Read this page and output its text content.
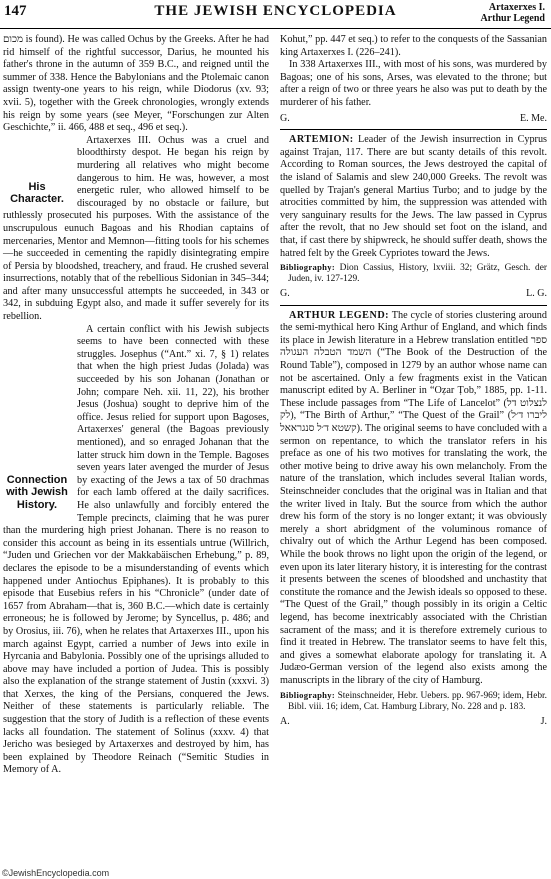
147	THE JEWISH ENCYCLOPEDIA	Artaxerxes I.
Arthur Legend

מכום is found). He was called Ochus by the Greeks. After he had rid himself of the rightful successor, Darius, he mounted his father's throne in the autumn of 359 B.C., and reigned until the summer of 338. Hence the Babylonians and the Ptolemaic canon assign twenty-one years to his reign, while Diodorus (xv. 93; xvii. 5), together with the Greek chronologies, wrongly extends his reign by some years (see Meyer, “Forschungen zur Alten Geschichte,” ii. 466, 488 et seq., 496 et seq.).

His Character.

Artaxerxes III. Ochus was a cruel and bloodthirsty despot. He began his reign by murdering all relatives who might become dangerous to him. He was, however, a most energetic ruler, who allowed himself to be discouraged by no obstacle or failure, but ruthlessly prosecuted his purposes. With the assistance of the unscrupulous eunuch Bagoas and his Rhodian captains of mercenaries, Mentor and Memnon—fitting tools for his schemes—he succeeded in cementing the rapidly disintegrating empire of Persia by bloodshed, treachery, and fraud. He crushed several insurrections, notably that of the rebellious Sidonian in 345–344; and after many unsuccessful attempts he succeeded, in 343 or 342, in subduing Egypt also, and made it suffer severely for its rebellion.

Connection with Jewish History.

A certain conflict with his Jewish subjects seems to have been connected with these struggles. Josephus (“Ant.” xi. 7, § 1) relates that when the high priest Judas (Jolada) was succeeded by his son Johanan (Jonathan or John; compare Neh. xii. 11, 22), his brother Jesus (Joshua) sought to deprive him of the office. Jesus relied for support upon Bagoses, Artaxerxes' general (the Bagoas previously mentioned), and so enraged Johanan that the latter struck him down in the Temple. Bagoses seven years later avenged the murder of Jesus by exacting of the Jews a tax of 50 drachmas for each lamb offered at the daily sacrifices. He also unlawfully and forcibly entered the Temple precincts, claiming that he was purer than the murdering high priest Johanan. There is no reason to consider this account as being in its essentials untrue (Willrich, “Juden und Griechen vor der Makkabäischen Erhebung,” p. 89, declares the episode to be a misunderstanding of events which happened under Antiochus Epiphanes). It is probably to this episode that Eusebius refers in his “Chronicle” (under date of 1657 from Abraham—that is, 360 B.C.—which date is certainly erroneous; he is followed by Jerome; by Syncellus, p. 486; and by Orosius, iii. 76), when he relates that Artaxerxes III., upon his march against Egypt, carried a number of Jews into exile in Hyrcania and Babylonia. Possibly one of the uprisings alluded to above may have included a portion of Judea. This is possibly also the explanation of the strange statement of Justin (xxxvi. 3) that Xerxes, the king of the Persians, conquered the Jews. Neither of these statements is particularly reliable. The suggestion that the story of Judith is a reflection of these events lacks all foundation. The statement of Solinus (xxxv. 4) that Jericho was besieged by Artaxerxes and destroyed by him, has been explained by Theodore Reinach (“Semitic Studies in Memory of A.

Kohut,” pp. 447 et seq.) to refer to the conquests of the Sassanian king Artaxerxes I. (226–241).

In 338 Artaxerxes III., with most of his sons, was murdered by Bagoas; one of his sons, Arses, was elevated to the throne; but after a reign of two or three years he also was put to death by the murderer of his father.

G.	E. Me.

ARTEMION: Leader of the Jewish insurrection in Cyprus against Trajan, 117. There are but scanty details of this revolt. According to Roman sources, the Jews destroyed the capital of the island of Salamis and slew 240,000 Greeks. The revolt was quelled by Trajan's general Martius Turbo; and to judge by the atrocities committed by him, the suppression was attended with very sanguinary results for the Jews. The law passed in Cyprus after the revolt, that no Jew should set foot on the island, and that, if cast there by shipwreck, he should suffer death, shows the hatred felt by the Greek Cypriotes toward the Jews.

Bibliography: Dion Cassius, History, lxviii. 32; Grätz, Gesch. der Juden, iv. 127-129.

G.	L. G.

ARTHUR LEGEND: The cycle of stories clustering around the semi-mythical hero King Arthur of England, and which finds its place in Jewish literature in a Hebrew translation entitled ספר השמד הטבלה העגולה (“The Book of the Destruction of the Round Table”), composed in 1279 by an author whose name can not be ascertained. Only a few fragments exist in the Vatican manuscript edited by A. Berliner in “Oẓar Ṭob,” 1885, pp. 1-11. These include passages from “The Life of Lancelot” (לנצלוט דל לק), “The Birth of Arthur,” “The Quest of the Grail” (ליברו ד׳ל קשטא ד׳ל סנגראאל). The original seems to have concluded with a sermon on repentance, to which the translator refers in his preface as one of his two motives for translating the work, the other motive being to drive away his own melancholy. From the nature of the translation, which includes several Italian words, Steinschneider concludes that the original was in Italian and that the writer lived in Italy. But the source from which the author drew his form of the story is no longer extant; it was obviously merely a short abridgment of the voluminous romance of chivalry out of which the Arthur Legend has been composed. While the book throws no light upon the origin of the legend, or even upon its later literary history, it is interesting for the contrast it presents between the scenes of bloodshed and unchastity that constitute the romance and the Jewish ideals so opposed to these. “The Quest of the Grail,” though possibly in its origin a Celtic legend, has become inextricably associated with the Christian sacrament of the mass; and it is therefore extremely curious to find it treated in Hebrew. The translator seems to have felt this, and gives a somewhat elaborate apology for translating it. A Judæo-German version of the legend also exists among the manuscripts in the library of the city of Hamburg.

Bibliography: Steinschneider, Hebr. Uebers. pp. 967-969; idem, Hebr. Bibl. viii. 16; idem, Cat. Hamburg Library, No. 228 and p. 183.

A.	J.
©JewishEncyclopedia.com
